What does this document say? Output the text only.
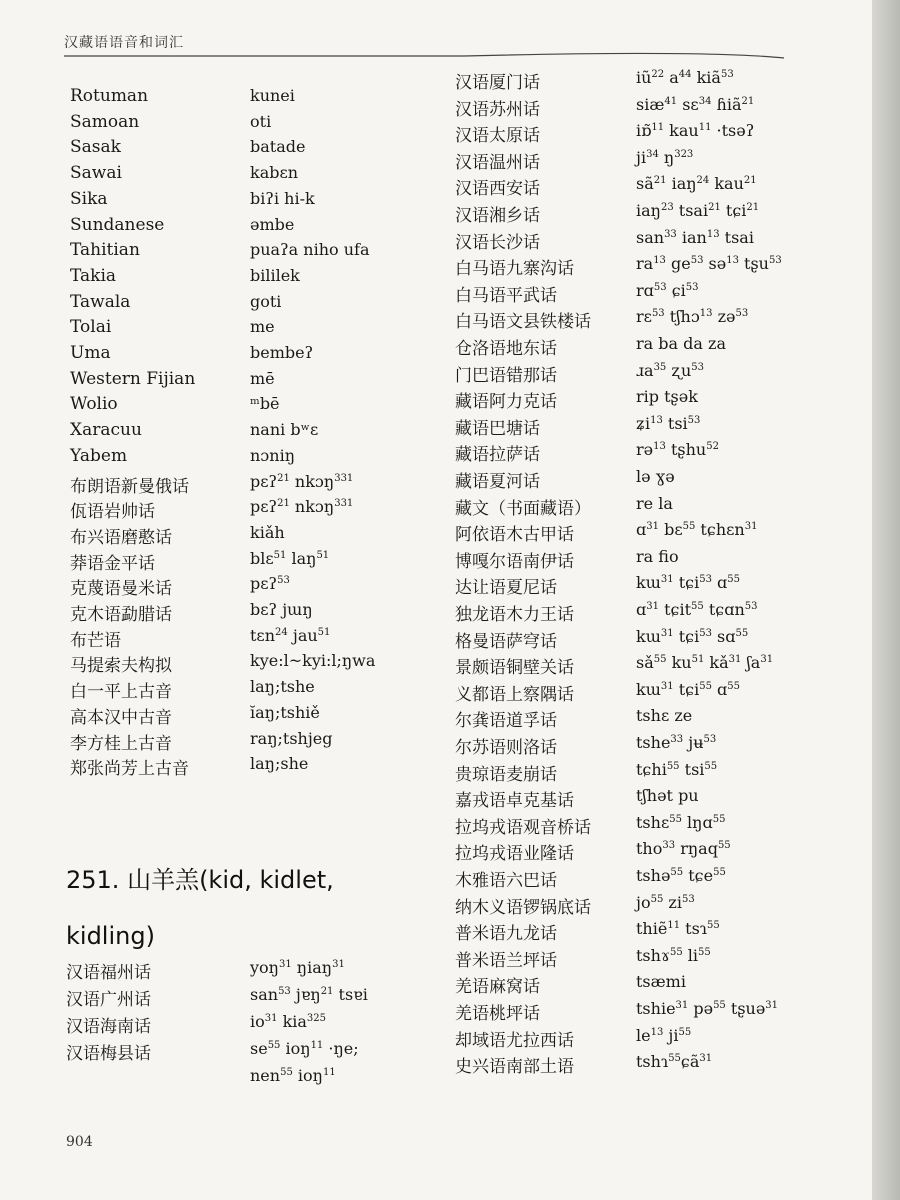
汉藏语语音和词汇
251. 山羊羔(kid, kidlet, kidling)
904
Rotuman	kunei
Samoan	oti
Sasak	batade
Sawai	kabɛn
Sika	biʔi hi-k
Sundanese	əmbe
Tahitian	puaʔa niho ufa
Takia	bililek
Tawala	goti
Tolai	me
Uma	bembeʔ
Western Fijian	mē
Wolio	ᵐbē
Xaracuu	nani bʷɛ
Yabem	nɔniŋ
布朗语新曼俄话	pɛʔ$^{21}$ nkɔŋ$^{331}$
佤语岩帅话	pɛʔ$^{21}$ nkɔŋ$^{331}$
布兴语磨憨话	kiǎh
莽语金平话	blɛ$^{51}$ laŋ$^{51}$
克蔑语曼米话	pɛʔ$^{53}$
克木语勐腊话	bɛʔ jɯŋ
布芒语	tɛn$^{24}$ jau$^{51}$
马提索夫构拟	kye:l~kyi:l;ŋwa
白一平上古音	laŋ;tshe
高本汉中古音	ĭaŋ;tshiě
李方桂上古音	raŋ;tshjeg
郑张尚芳上古音	laŋ;she
汉语厦门话	$iũ^{22}$ $a^{44}$ kiã$^{53}$
汉语苏州话	siæ$^{41}$ sɛ$^{34}$ ɦiã$^{21}$
汉语太原话	iɒ̃$^{11}$ kau$^{11}$ ·tsəʔ
汉语温州话	$ji^{34}$ $ŋ^{323}$
汉语西安话	$sã^{21}$ iaŋ$^{24}$ kau$^{21}$
汉语湘乡话	iaŋ$^{23}$ tsai$^{21}$ tɕi$^{21}$
汉语长沙话	san$^{33}$ ian$^{13}$ tsai
白马语九寨沟话	$ra^{13}$ $ge^{53}$ sə$^{13}$ tʂu$^{53}$
白马语平武话	rɑ$^{53}$ ɕi$^{53}$
白马语文县铁楼话	rɛ$^{53}$ tʃhɔ$^{13}$ zə$^{53}$
仓洛语地东话	ra ba da za
门巴语错那话	ɹa$^{35}$ ʐu$^{53}$
藏语阿力克话	rip tʂək
藏语巴塘话	ʑi$^{13}$ tsi$^{53}$
藏语拉萨话	rə$^{13}$ tʂhu$^{52}$
藏语夏河话	lə ɣə
藏文（书面藏语）	re la
阿依语木古甲话	ɑ$^{31}$ bɛ$^{55}$ tɕhɛn$^{31}$
博嘎尔语南伊话	ra fio
达让语夏尼话	kɯ$^{31}$ tɕi$^{53}$ ɑ$^{55}$
独龙语木力王话	ɑ$^{31}$ tɕit$^{55}$ tɕɑn$^{53}$
格曼语萨穹话	kɯ$^{31}$ tɕi$^{53}$ sɑ$^{55}$
景颇语铜壁关话	$sǎ^{55}$ $ku^{51}$ $kǎ^{31}$ ʃa$^{31}$
义都语上察隅话	kɯ$^{31}$ tɕi$^{55}$ ɑ$^{55}$
尔龚语道孚话	tshɛ ze
尔苏语则洛话	tshe$^{33}$ jʉ$^{53}$
贵琼语麦崩话	tɕhi$^{55}$ tsi$^{55}$
嘉戎语卓克基话	tʃhət pu
拉坞戎语观音桥话	tshɛ$^{55}$ lŋɑ$^{55}$
拉坞戎语业隆话	tho$^{33}$ rŋaq$^{55}$
木雅语六巴话	tshə$^{55}$ tɕe$^{55}$
纳木义语锣锅底话	$jo^{55}$ $zi^{53}$
普米语九龙话	thiẽ$^{11}$ tsɿ$^{55}$
普米语兰坪话	tshɤ$^{55}$ $li^{55}$
羌语麻窝话	tsæmi
羌语桃坪话	tshie$^{31}$ pə$^{55}$ tʂuə$^{31}$
却域语尤拉西话	$le^{13}$ $ji^{55}$
史兴语南部土语	tshɿ$^{55}$ɕã$^{31}$
汉语福州话	yoŋ$^{31}$ ŋiaŋ$^{31}$
汉语广州话	san$^{53}$ jɐŋ$^{21}$ tsɐi
汉语海南话	$io^{31}$ kia$^{325}$
汉语梅县话	$se^{55}$ ioŋ$^{11}$ ·ŋe;
nen$^{55}$ ioŋ$^{11}$
